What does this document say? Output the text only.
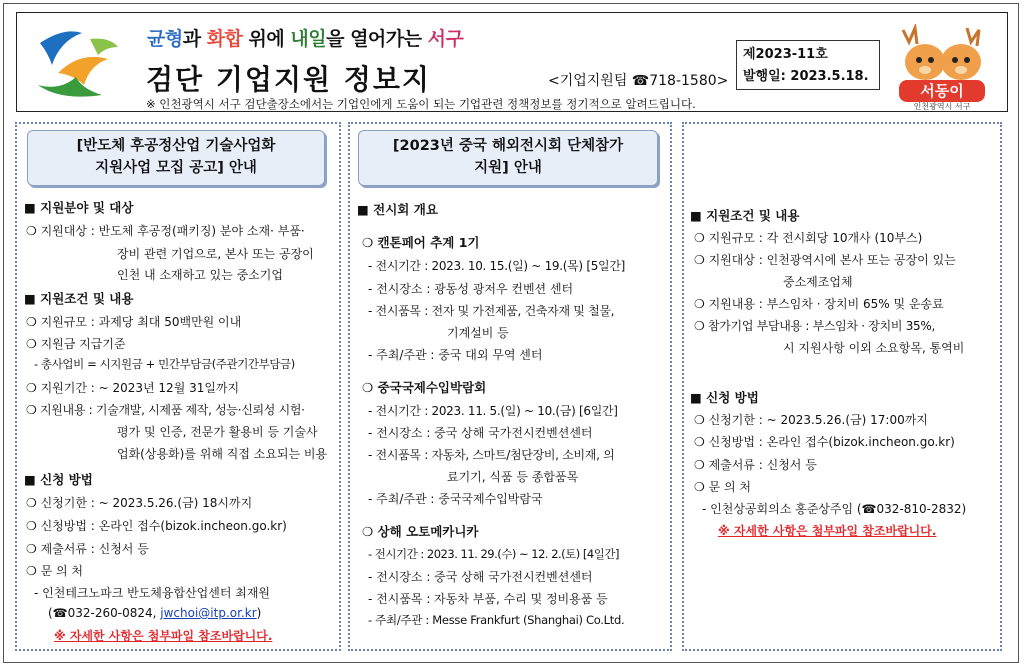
균형과 화합 위에 내일을 열어가는 서구
검단 기업지원 정보지	<기업지원팀 ☎718-1580>
※ 인천광역시 서구 검단출장소에서는 기업인에게 도움이 되는 기업관련 정책정보를 정기적으로 알려드립니다.
제2023-11호
발행일: 2023.5.18.
서동이
인천광역시 서구
[반도체 후공정산업 기술사업화
지원사업 모집 공고] 안내
■ 지원분야 및 대상
❍ 지원대상 : 반도체 후공정(패키징) 분야 소재· 부품·
장비 관련 기업으로, 본사 또는 공장이
인천 내 소재하고 있는 중소기업
■ 지원조건 및 내용
❍ 지원규모 : 과제당 최대 50백만원 이내
❍ 지원금 지급기준
- 총사업비 = 시지원금 + 민간부담금(주관기간부담금)
❍ 지원기간 : ~ 2023년 12월 31일까지
❍ 지원내용 : 기술개발, 시제품 제작, 성능·신뢰성 시험·
평가 및 인증, 전문가 활용비 등 기술사
업화(상용화)를 위해 직접 소요되는 비용
■ 신청 방법
❍ 신청기한 : ~ 2023.5.26.(금) 18시까지
❍ 신청방법 : 온라인 접수(bizok.incheon.go.kr)
❍ 제출서류 : 신청서 등
❍ 문 의 처
- 인천테크노파크 반도체융합산업센터 최재원
(☎032-260-0824, jwchoi@itp.or.kr)
※ 자세한 사항은 첨부파일 참조바랍니다.
[2023년 중국 해외전시회 단체참가
지원] 안내
■ 전시회 개요
❍ 캔톤페어 추계 1기
- 전시기간 : 2023. 10. 15.(일) ~ 19.(목) [5일간]
- 전시장소 : 광동성 광저우 컨벤션 센터
- 전시품목 : 전자 및 가전제품, 건축자재 및 철물,
기계설비 등
- 주최/주관 : 중국 대외 무역 센터
❍ 중국국제수입박람회
- 전시기간 : 2023. 11. 5.(일) ~ 10.(금) [6일간]
- 전시장소 : 중국 상해 국가전시컨벤션센터
- 전시품목 : 자동차, 스마트/첨단장비, 소비재, 의
료기기, 식품 등 종합품목
- 주최/주관 : 중국국제수입박람국
❍ 상해 오토메카니카
- 전시기간 : 2023. 11. 29.(수) ~ 12. 2.(토) [4일간]
- 전시장소 : 중국 상해 국가전시컨벤션센터
- 전시품목 : 자동차 부품, 수리 및 정비용품 등
- 주최/주관 : Messe Frankfurt (Shanghai) Co.Ltd.
■ 지원조건 및 내용
❍ 지원규모 : 각 전시회당 10개사 (10부스)
❍ 지원대상 : 인천광역시에 본사 또는 공장이 있는
중소제조업체
❍ 지원내용 : 부스임차 · 장치비 65% 및 운송료
❍ 참가기업 부담내용 : 부스임차 · 장치비 35%,
시 지원사항 이외 소요항목, 통역비
■ 신청 방법
❍ 신청기한 : ~ 2023.5.26.(금) 17:00까지
❍ 신청방법 : 온라인 접수(bizok.incheon.go.kr)
❍ 제출서류 : 신청서 등
❍ 문 의 처
- 인천상공회의소 홍준상주임 (☎032-810-2832)
※ 자세한 사항은 첨부파일 참조바랍니다.
